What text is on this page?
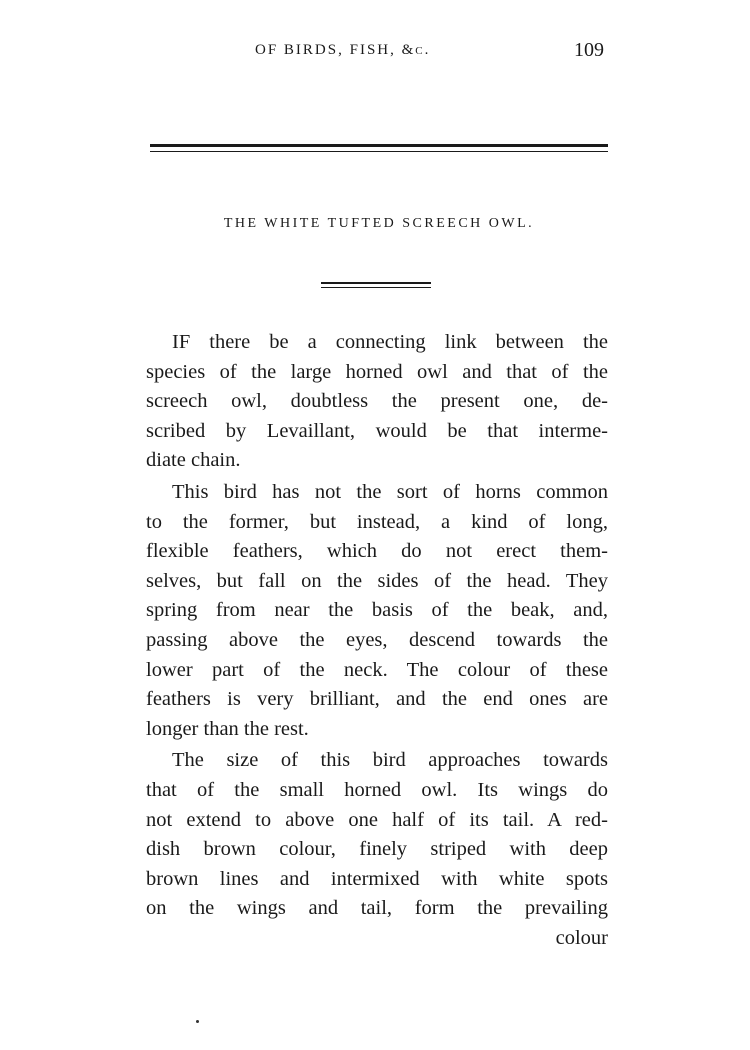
OF BIRDS, FISH, &c.	109
THE WHITE TUFTED SCREECH OWL.
IF there be a connecting link between the
species of the large horned owl and that of the
screech owl, doubtless the present one, de-
scribed by Levaillant, would be that interme-
diate chain.
This bird has not the sort of horns common
to the former, but instead, a kind of long,
flexible feathers, which do not erect them-
selves, but fall on the sides of the head. They
spring from near the basis of the beak, and,
passing above the eyes, descend towards the
lower part of the neck. The colour of these
feathers is very brilliant, and the end ones are
longer than the rest.
The size of this bird approaches towards
that of the small horned owl. Its wings do
not extend to above one half of its tail. A red-
dish brown colour, finely striped with deep
brown lines and intermixed with white spots
on the wings and tail, form the prevailing
colour
